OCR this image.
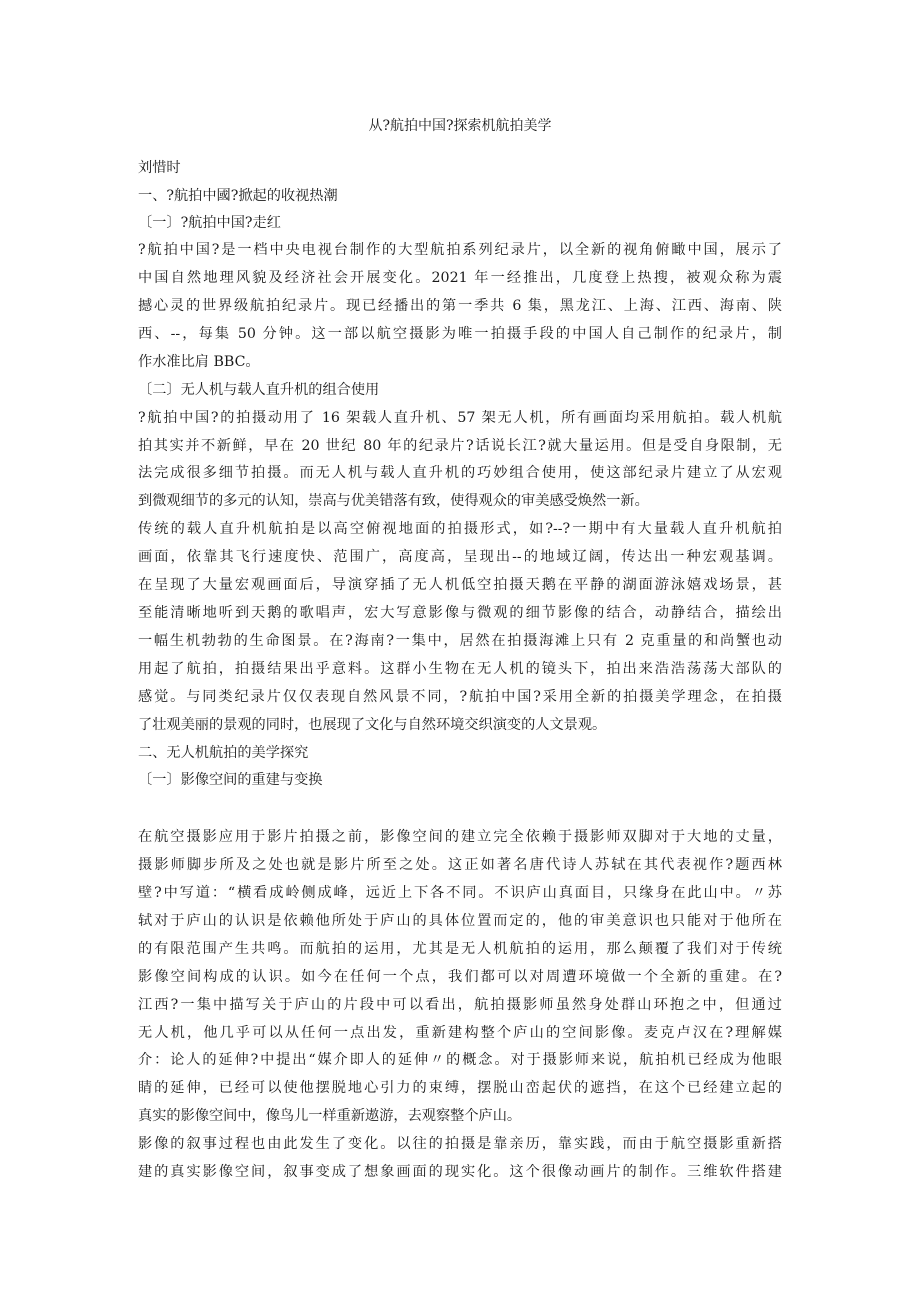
从?航拍中国?探索机航拍美学
刘惜时
一、?航拍中國?掀起的收视热潮
〔一〕?航拍中国?走红
?航拍中国?是一档中央电视台制作的大型航拍系列纪录片，以全新的视角俯瞰中国，展示了
中国自然地理风貌及经济社会开展变化。2021 年一经推出，几度登上热搜，被观众称为震
撼心灵的世界级航拍纪录片。现已经播出的第一季共 6 集，黑龙江、上海、江西、海南、陕
西、--，每集 50 分钟。这一部以航空摄影为唯一拍摄手段的中国人自己制作的纪录片，制
作水准比肩 BBC。
〔二〕无人机与载人直升机的组合使用
?航拍中国?的拍摄动用了 16 架载人直升机、57 架无人机，所有画面均采用航拍。载人机航
拍其实并不新鲜，早在 20 世纪 80 年的纪录片?话说长江?就大量运用。但是受自身限制，无
法完成很多细节拍摄。而无人机与载人直升机的巧妙组合使用，使这部纪录片建立了从宏观
到微观细节的多元的认知，崇高与优美错落有致，使得观众的审美感受焕然一新。
传统的载人直升机航拍是以高空俯视地面的拍摄形式，如?--?一期中有大量载人直升机航拍
画面，依靠其飞行速度快、范围广，高度高，呈现出--的地域辽阔，传达出一种宏观基调。
在呈现了大量宏观画面后，导演穿插了无人机低空拍摄天鹅在平静的湖面游泳嬉戏场景，甚
至能清晰地听到天鹅的歌唱声，宏大写意影像与微观的细节影像的结合，动静结合，描绘出
一幅生机勃勃的生命图景。在?海南?一集中，居然在拍摄海滩上只有 2 克重量的和尚蟹也动
用起了航拍，拍摄结果出乎意料。这群小生物在无人机的镜头下，拍出来浩浩荡荡大部队的
感觉。与同类纪录片仅仅表现自然风景不同，?航拍中国?采用全新的拍摄美学理念，在拍摄
了壮观美丽的景观的同时，也展现了文化与自然环境交织演变的人文景观。
二、无人机航拍的美学探究
〔一〕影像空间的重建与变换
在航空摄影应用于影片拍摄之前，影像空间的建立完全依赖于摄影师双脚对于大地的丈量，
摄影师脚步所及之处也就是影片所至之处。这正如著名唐代诗人苏轼在其代表视作?题西林
壁?中写道：“横看成岭侧成峰，远近上下各不同。不识庐山真面目，只缘身在此山中。〃苏
轼对于庐山的认识是依赖他所处于庐山的具体位置而定的，他的审美意识也只能对于他所在
的有限范围产生共鸣。而航拍的运用，尤其是无人机航拍的运用，那么颠覆了我们对于传统
影像空间构成的认识。如今在任何一个点，我们都可以对周遭环境做一个全新的重建。在?
江西?一集中描写关于庐山的片段中可以看出，航拍摄影师虽然身处群山环抱之中，但通过
无人机，他几乎可以从任何一点出发，重新建构整个庐山的空间影像。麦克卢汉在?理解媒
介：论人的延伸?中提出“媒介即人的延伸〃的概念。对于摄影师来说，航拍机已经成为他眼
睛的延伸，已经可以使他摆脱地心引力的束缚，摆脱山峦起伏的遮挡，在这个已经建立起的
真实的影像空间中，像鸟儿一样重新遨游，去观察整个庐山。
影像的叙事过程也由此发生了变化。以往的拍摄是靠亲历，靠实践，而由于航空摄影重新搭
建的真实影像空间，叙事变成了想象画面的现实化。这个很像动画片的制作。三维软件搭建
